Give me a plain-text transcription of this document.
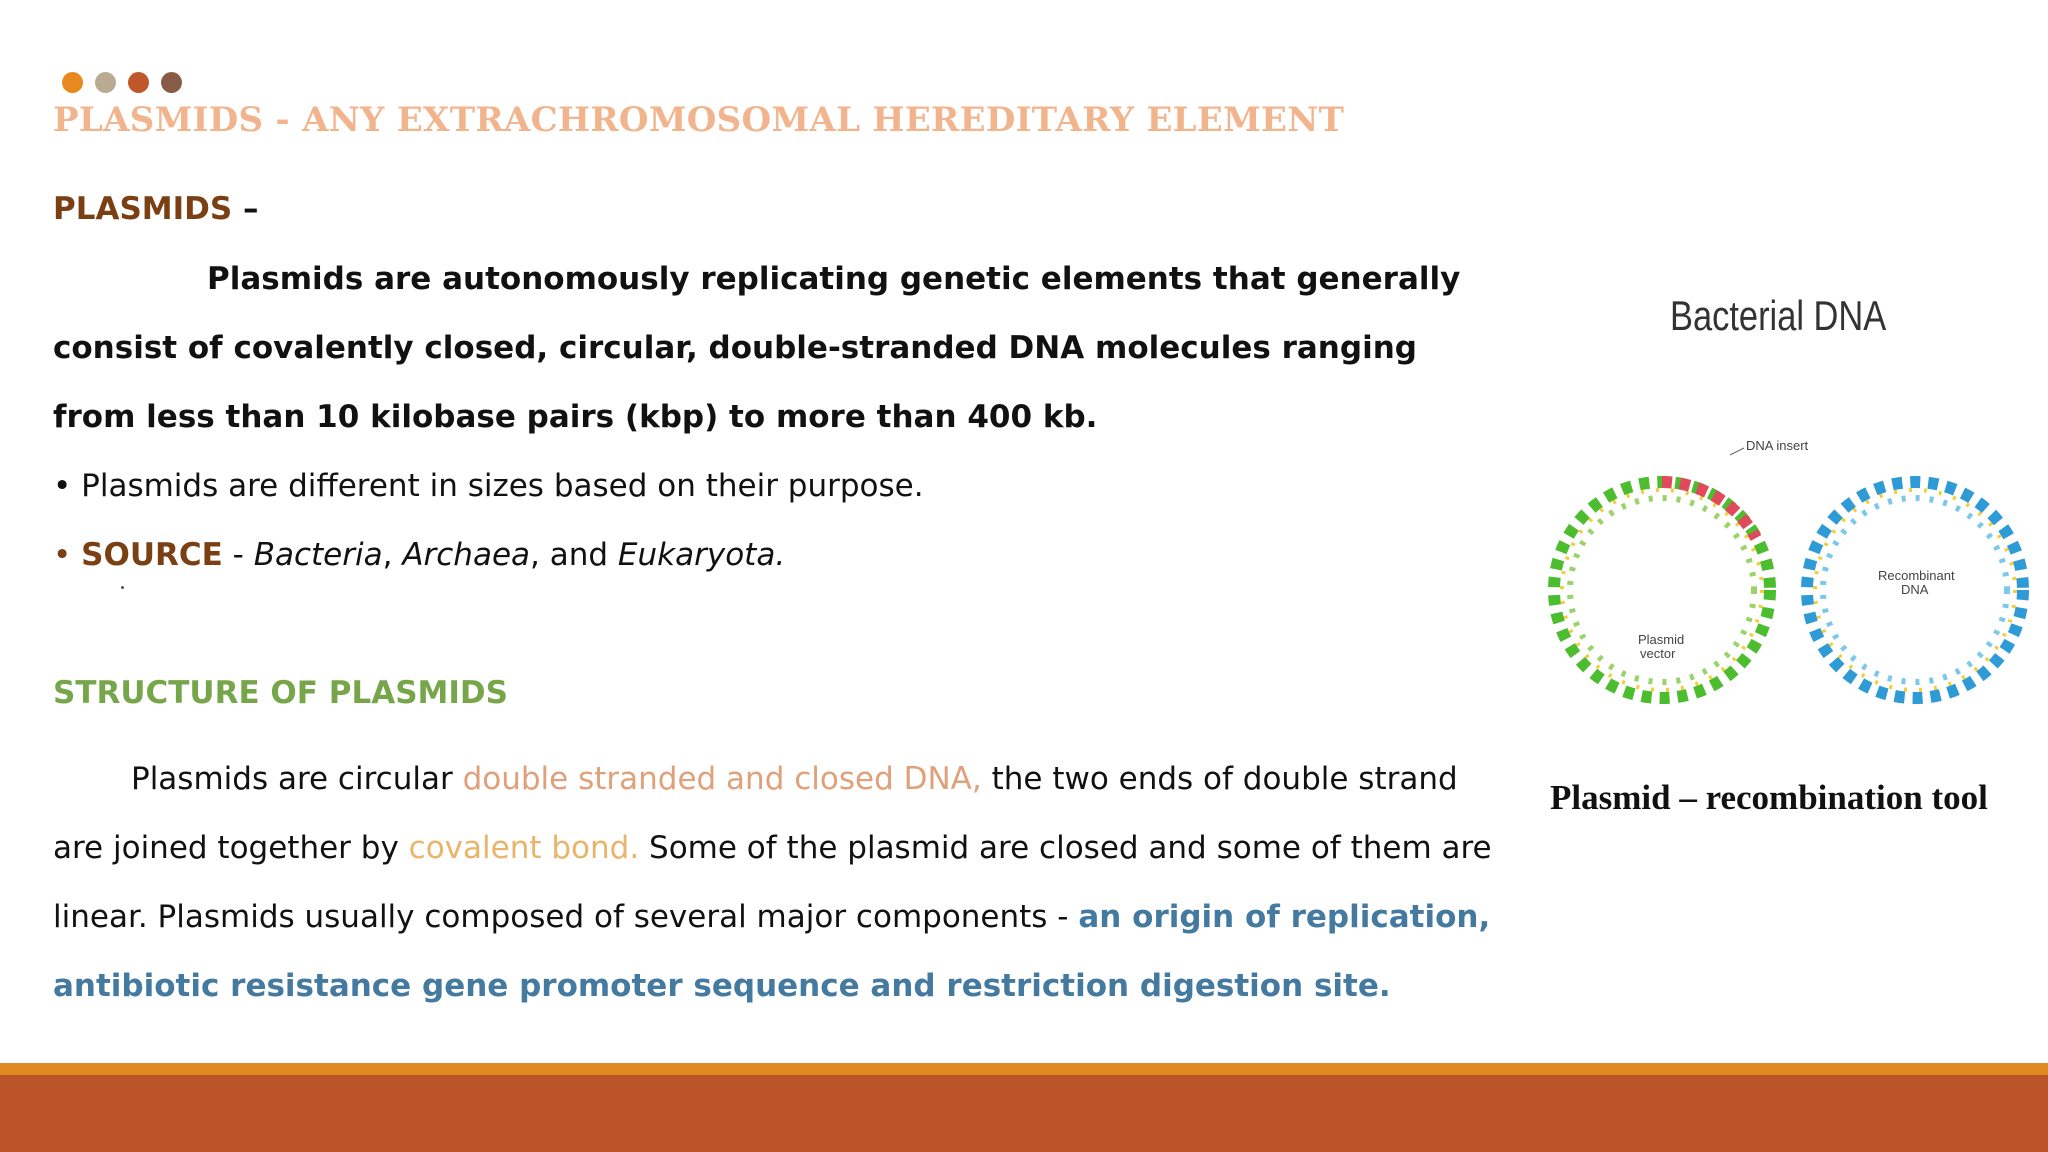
PLASMIDS - ANY EXTRACHROMOSOMAL HEREDITARY ELEMENT
PLASMIDS –
Plasmids are autonomously replicating genetic elements that generally consist of covalently closed, circular, double-stranded DNA molecules ranging from less than 10 kilobase pairs (kbp) to more than 400 kb.
• Plasmids are different in sizes based on their purpose.
• SOURCE - Bacteria, Archaea, and Eukaryota.
STRUCTURE OF PLASMIDS
Plasmids are circular double stranded and closed DNA, the two ends of double strand are joined together by covalent bond. Some of the plasmid are closed and some of them are linear. Plasmids usually composed of several major components - an origin of replication, antibiotic resistance gene promoter sequence and restriction digestion site.
Bacterial DNA
DNA insert
Plasmid
vector
Recombinant
DNA
Plasmid – recombination tool
